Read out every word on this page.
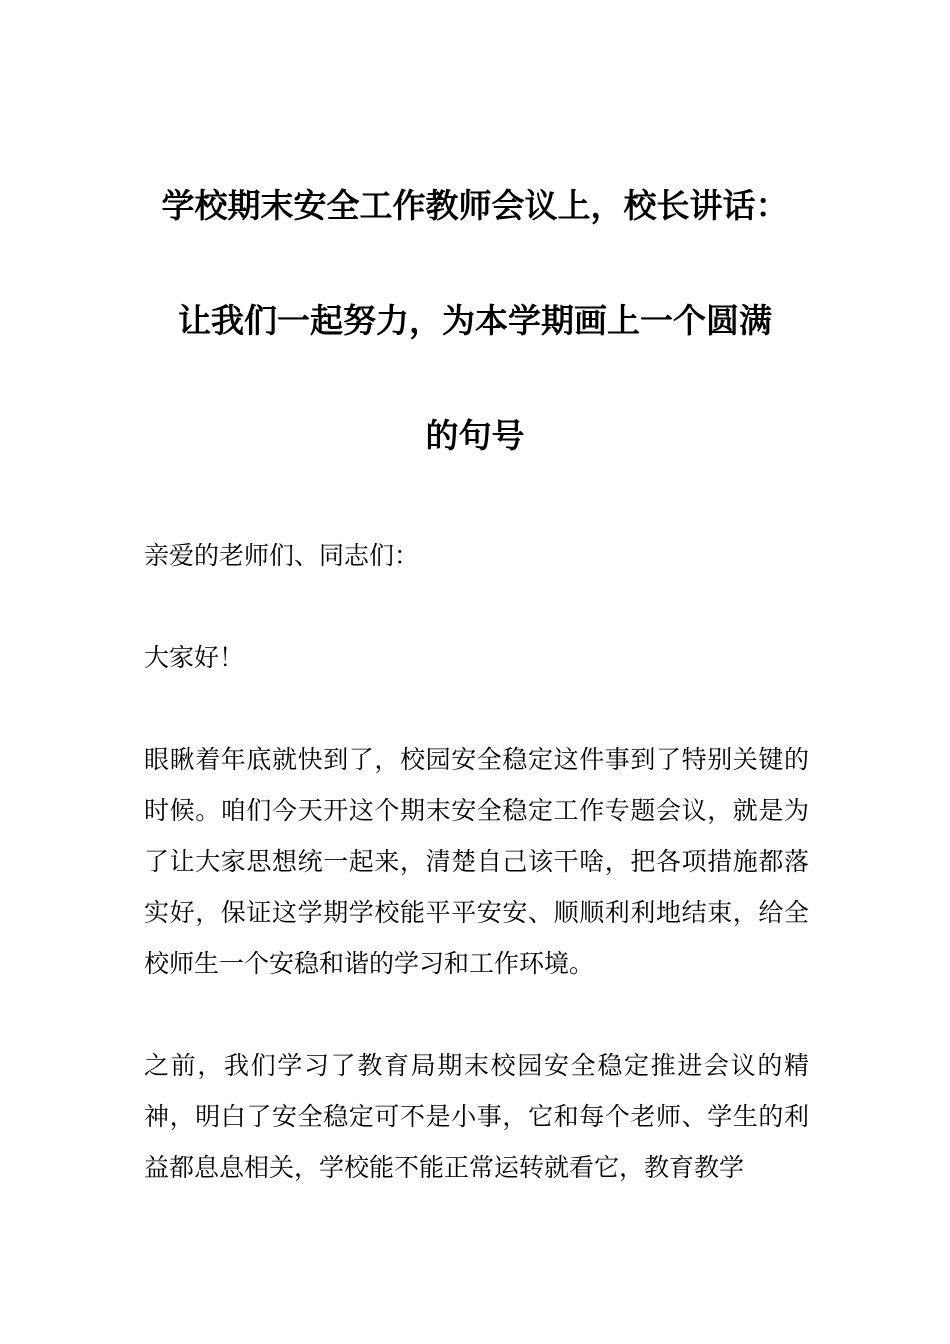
学校期末安全工作教师会议上，校长讲话：
让我们一起努力，为本学期画上一个圆满
的句号

亲爱的老师们、同志们：

大家好！

眼瞅着年底就快到了，校园安全稳定这件事到了特别关键的时候。咱们今天开这个期末安全稳定工作专题会议，就是为了让大家思想统一起来，清楚自己该干啥，把各项措施都落实好，保证这学期学校能平平安安、顺顺利利地结束，给全校师生一个安稳和谐的学习和工作环境。

之前，我们学习了教育局期末校园安全稳定推进会议的精神，明白了安全稳定可不是小事，它和每个老师、学生的利益都息息相关，学校能不能正常运转就看它，教育教学
